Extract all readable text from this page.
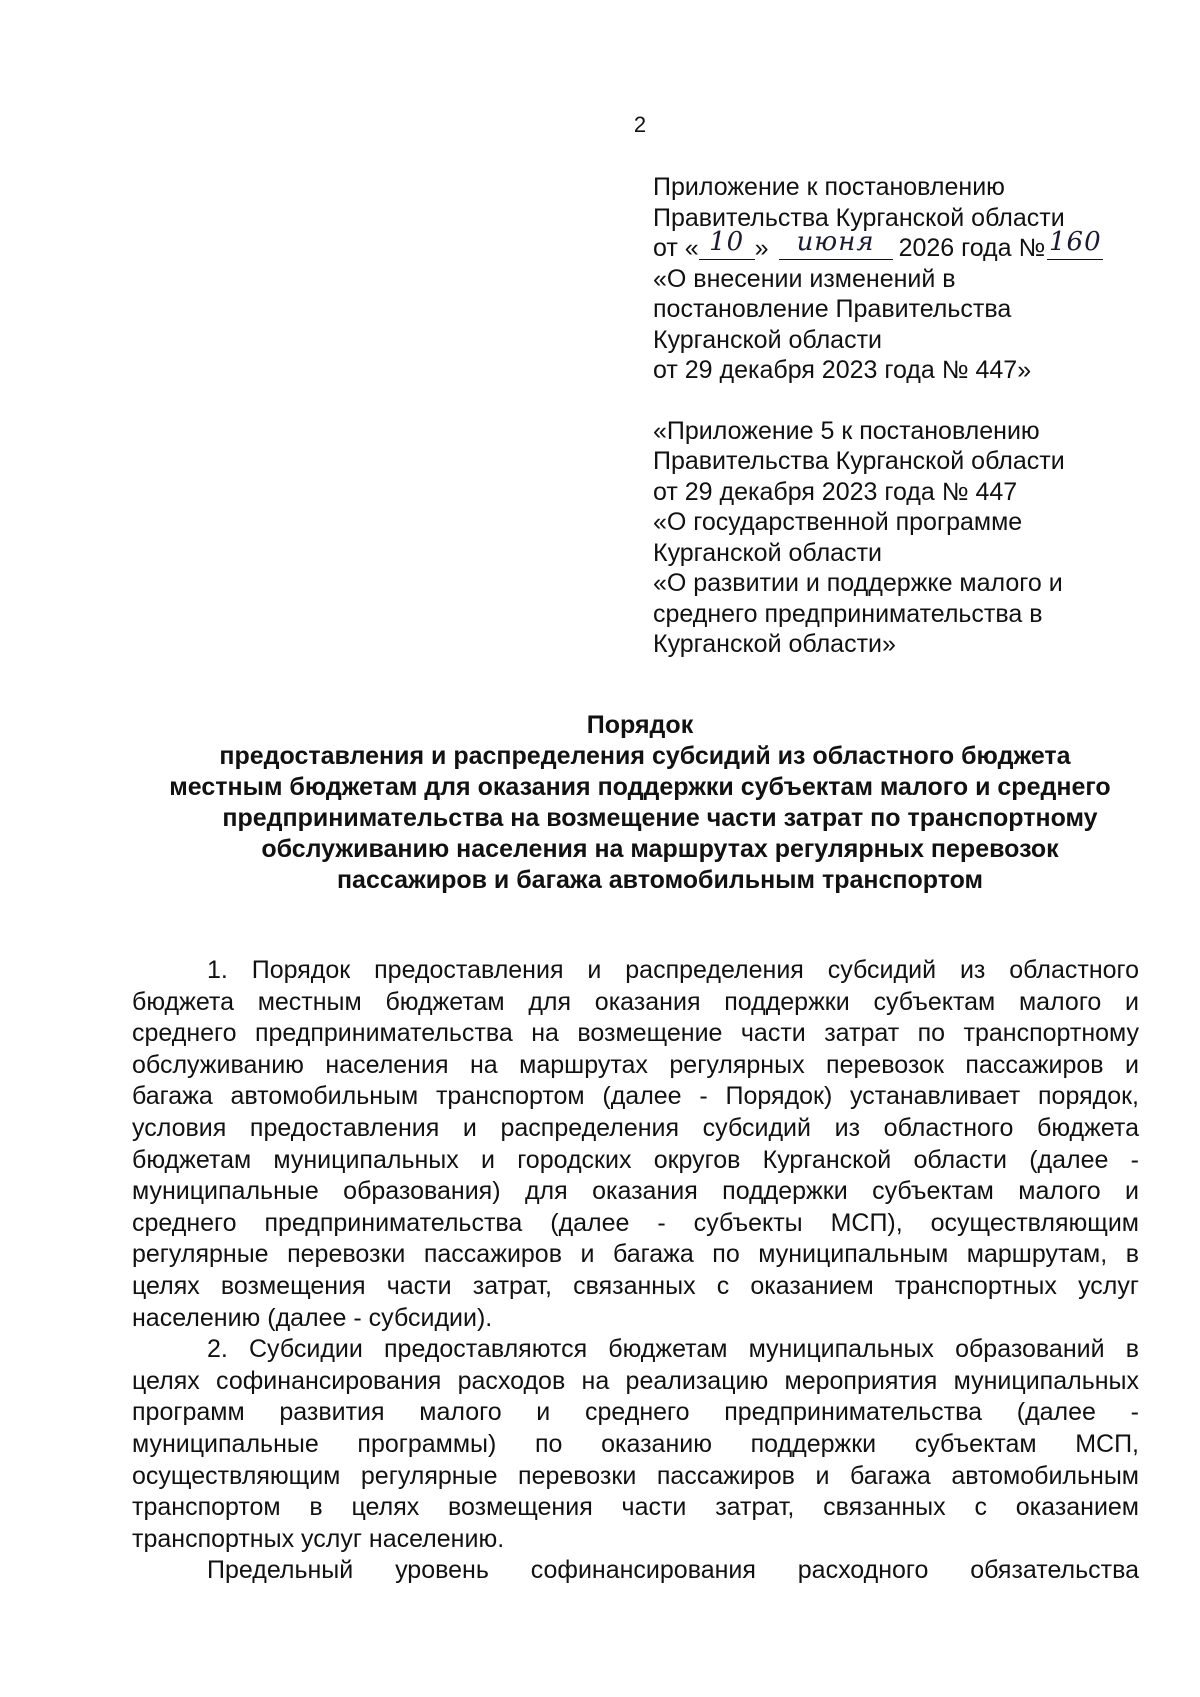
2
Приложение к постановлению
Правительства Курганской области
от « 10 »	июня 2026 года № 160
«О внесении изменений в
постановление Правительства
Курганской области
от 29 декабря 2023 года № 447»
«Приложение 5 к постановлению
Правительства Курганской области
от 29 декабря 2023 года № 447
«О государственной программе
Курганской области
«О развитии и поддержке малого и
среднего предпринимательства в
Курганской области»
Порядок
предоставления и распределения субсидий из областного бюджета
местным бюджетам для оказания поддержки субъектам малого и среднего
предпринимательства на возмещение части затрат по транспортному
обслуживанию населения на маршрутах регулярных перевозок
пассажиров и багажа автомобильным транспортом
1. Порядок предоставления и распределения субсидий из областного
бюджета местным бюджетам для оказания поддержки субъектам малого и
среднего предпринимательства на возмещение части затрат по транспортному
обслуживанию населения на маршрутах регулярных перевозок пассажиров и
багажа автомобильным транспортом (далее - Порядок) устанавливает порядок,
условия предоставления и распределения субсидий из областного бюджета
бюджетам муниципальных и городских округов Курганской области (далее -
муниципальные образования) для оказания поддержки субъектам малого и
среднего предпринимательства (далее - субъекты МСП), осуществляющим
регулярные перевозки пассажиров и багажа по муниципальным маршрутам, в
целях возмещения части затрат, связанных с оказанием транспортных услуг
населению (далее - субсидии).
2. Субсидии предоставляются бюджетам муниципальных образований в
целях софинансирования расходов на реализацию мероприятия муниципальных
программ развития малого и среднего предпринимательства (далее -
муниципальные программы) по оказанию поддержки субъектам МСП,
осуществляющим регулярные перевозки пассажиров и багажа автомобильным
транспортом в целях возмещения части затрат, связанных с оказанием
транспортных услуг населению.
Предельный уровень софинансирования расходного обязательства
